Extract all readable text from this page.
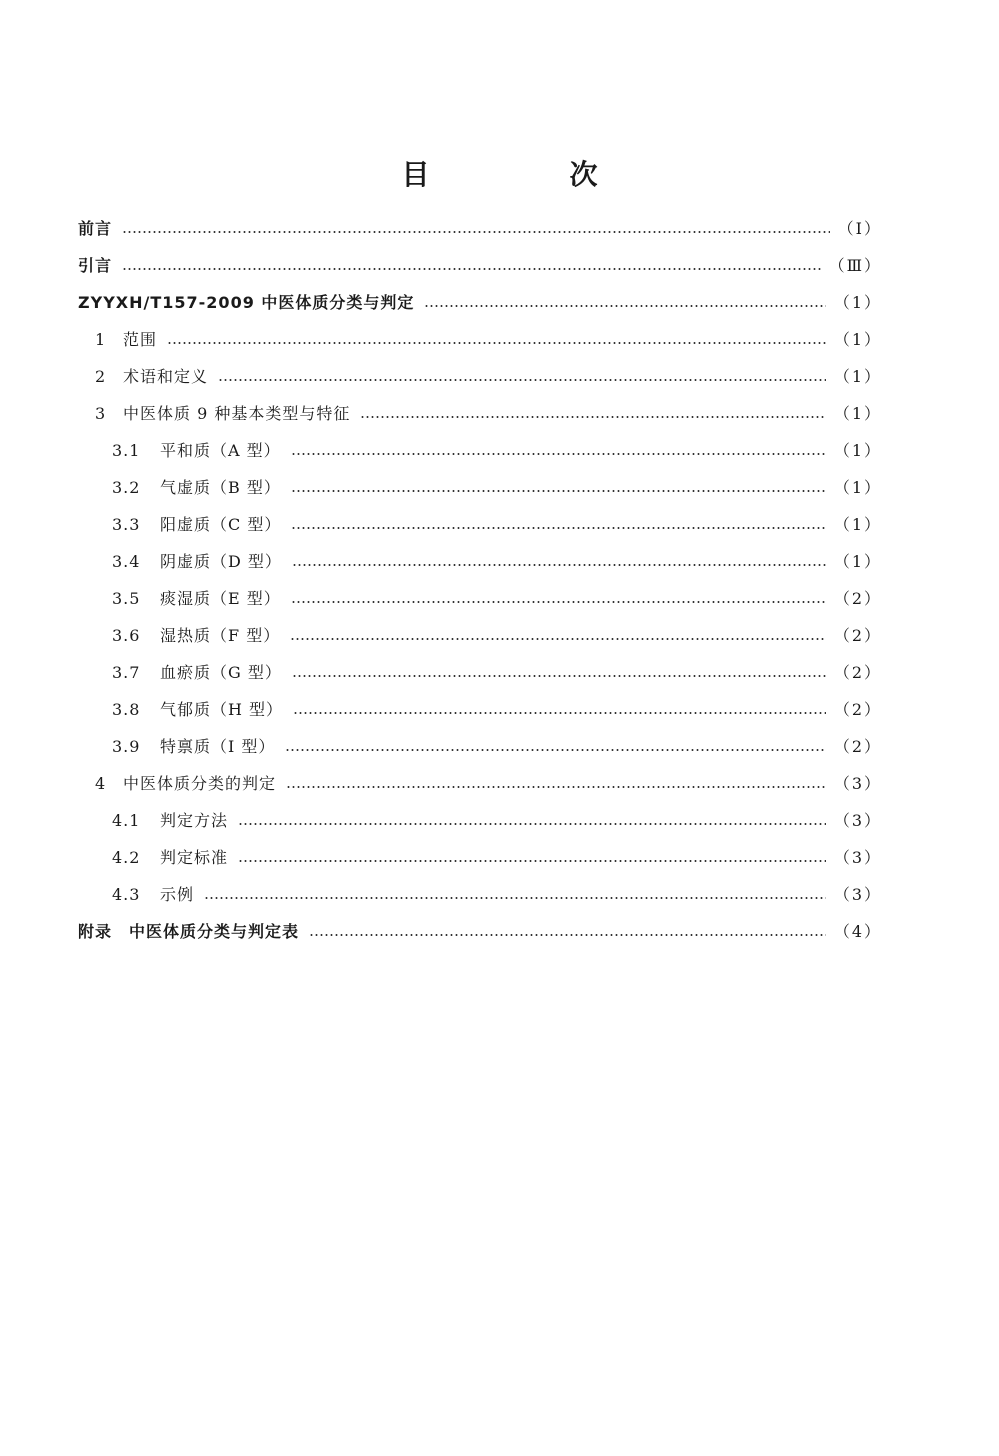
目　次
前言	（Ⅰ）
引言	（Ⅲ）
ZYYXH/T157-2009 中医体质分类与判定	（1）
1	范围	（1）
2	术语和定义	（1）
3	中医体质 9 种基本类型与特征	（1）
3.1	平和质（A 型）	（1）
3.2	气虚质（B 型）	（1）
3.3	阳虚质（C 型）	（1）
3.4	阴虚质（D 型）	（1）
3.5	痰湿质（E 型）	（2）
3.6	湿热质（F 型）	（2）
3.7	血瘀质（G 型）	（2）
3.8	气郁质（H 型）	（2）
3.9	特禀质（I 型）	（2）
4	中医体质分类的判定	（3）
4.1	判定方法	（3）
4.2	判定标准	（3）
4.3	示例	（3）
附录　中医体质分类与判定表	（4）
